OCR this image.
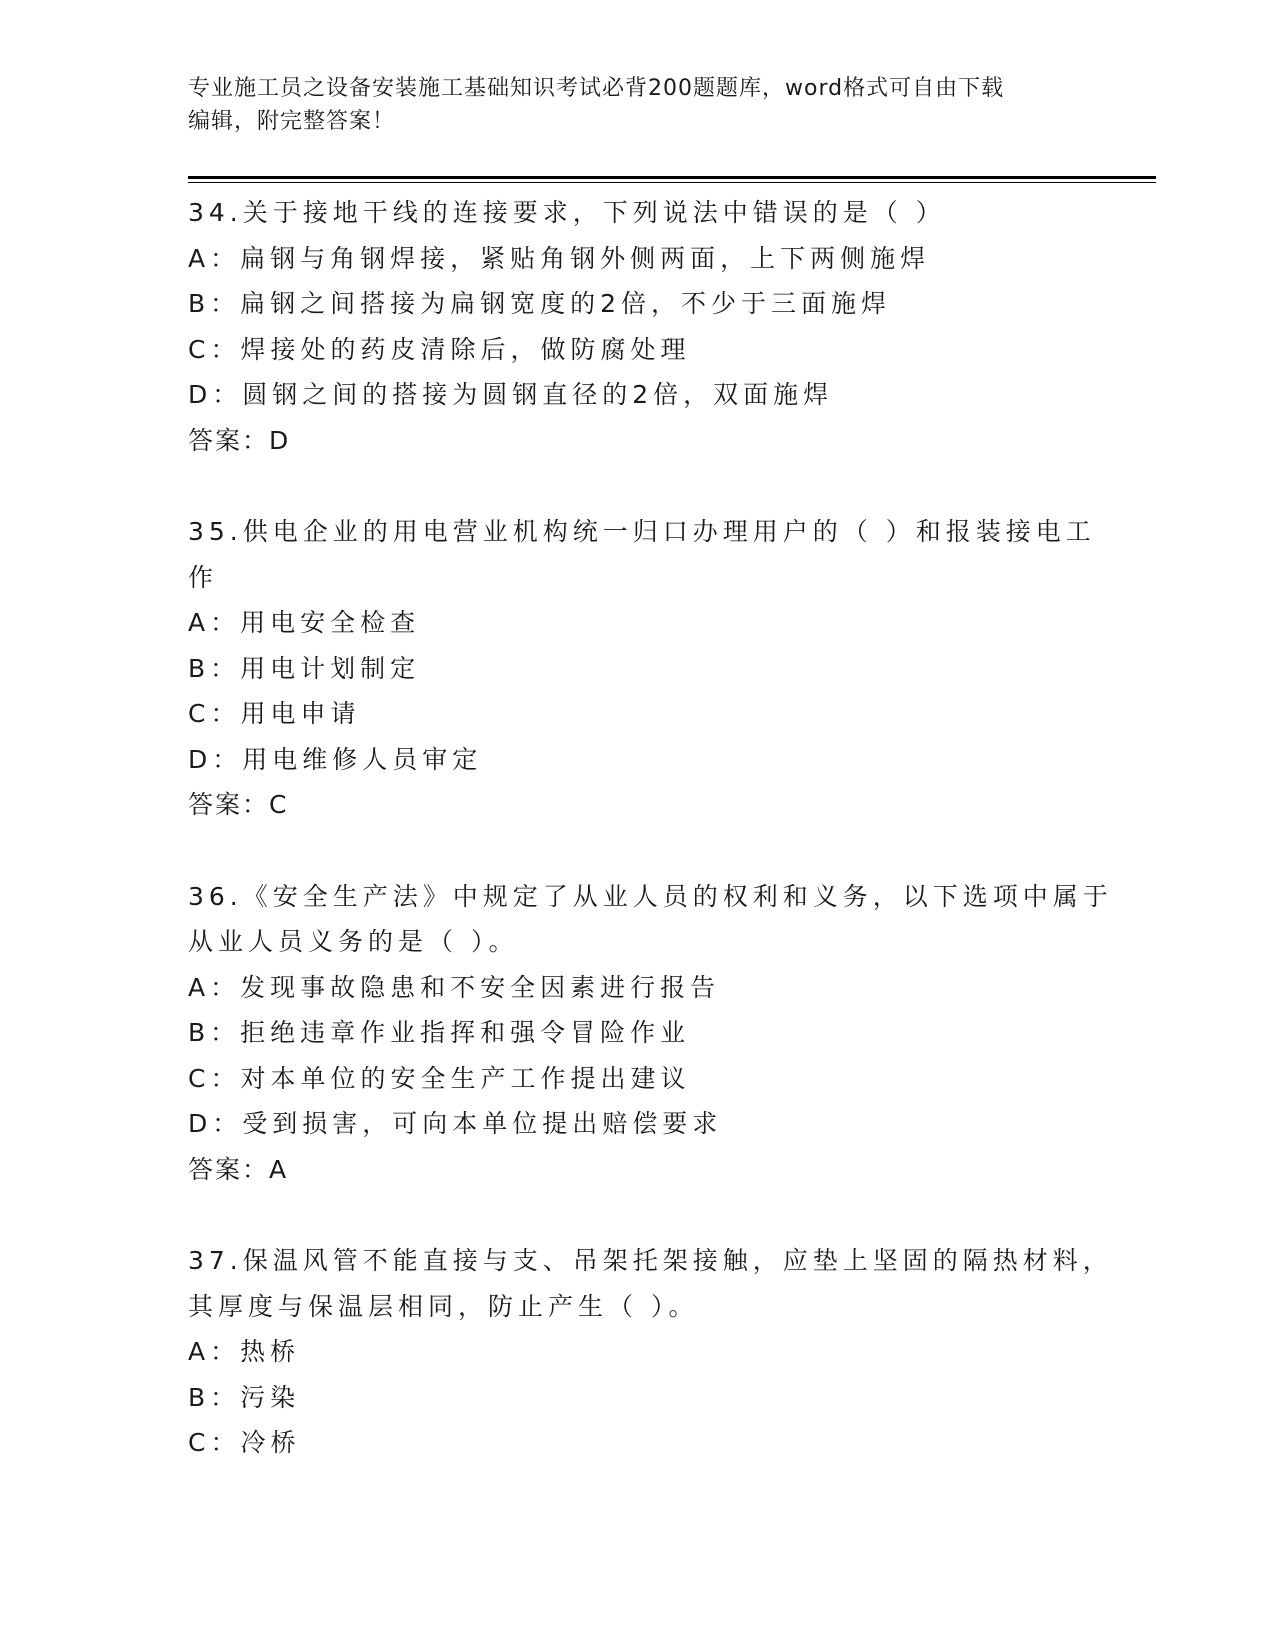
专业施工员之设备安装施工基础知识考试必背200题题库，word格式可自由下载
编辑，附完整答案！
34.关于接地干线的连接要求，下列说法中错误的是（ ）
A：扁钢与角钢焊接，紧贴角钢外侧两面，上下两侧施焊
B：扁钢之间搭接为扁钢宽度的2倍，不少于三面施焊
C：焊接处的药皮清除后，做防腐处理
D：圆钢之间的搭接为圆钢直径的2倍，双面施焊
答案：D
35.供电企业的用电营业机构统一归口办理用户的（ ）和报装接电工
作
A：用电安全检查
B：用电计划制定
C：用电申请
D：用电维修人员审定
答案：C
36.《安全生产法》中规定了从业人员的权利和义务，以下选项中属于
从业人员义务的是（ ）。
A：发现事故隐患和不安全因素进行报告
B：拒绝违章作业指挥和强令冒险作业
C：对本单位的安全生产工作提出建议
D：受到损害，可向本单位提出赔偿要求
答案：A
37.保温风管不能直接与支、吊架托架接触，应垫上坚固的隔热材料，
其厚度与保温层相同，防止产生（ ）。
A：热桥
B：污染
C：冷桥
